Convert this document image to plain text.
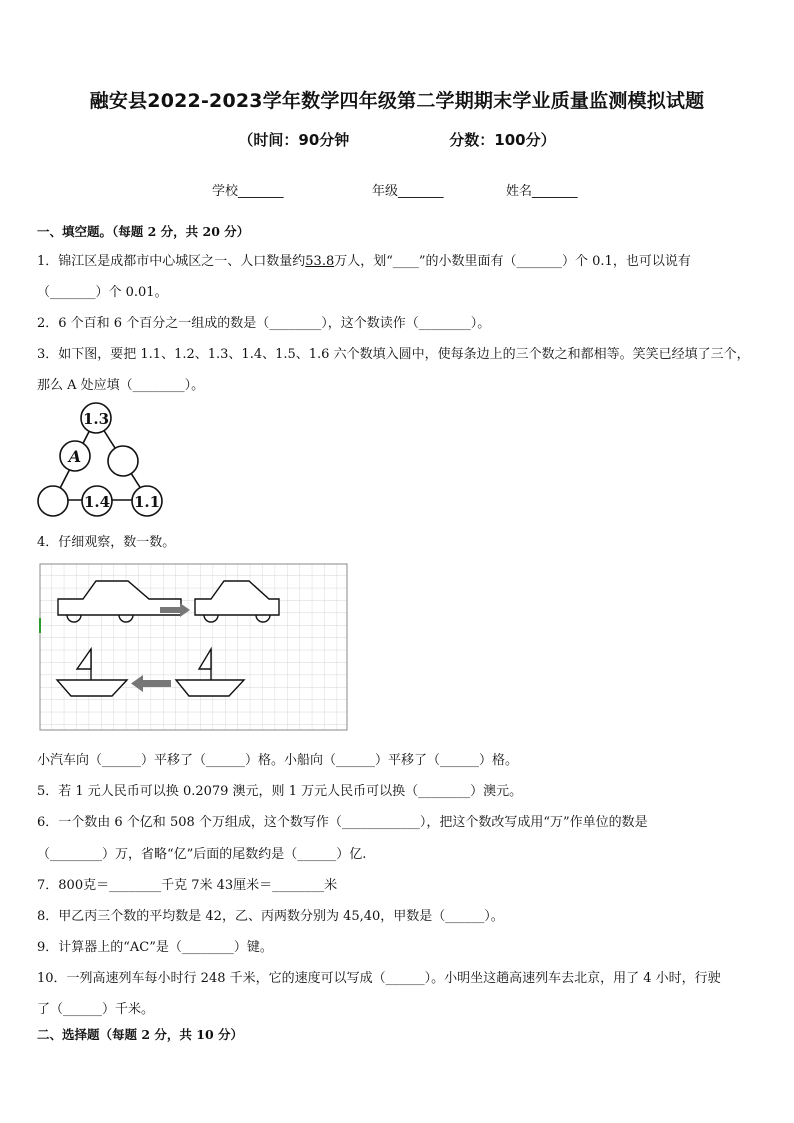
融安县2022-2023学年数学四年级第二学期期末学业质量监测模拟试题
（时间：90分钟	分数：100分）
学校_______	年级_______	姓名_______
一、填空题。（每题 2 分，共 20 分）
1．锦江区是成都市中心城区之一、人口数量约53.8万人，划“____”的小数里面有（_______）个 0.1，也可以说有
（_______）个 0.01。
2．6 个百和 6 个百分之一组成的数是（________），这个数读作（________）。
3．如下图，要把 1.1、1.2、1.3、1.4、1.5、1.6 六个数填入圆中，使每条边上的三个数之和都相等。笑笑已经填了三个，
那么 A 处应填（________）。
1.3
A
1.4 1.1
4．仔细观察，数一数。
小汽车向（______）平移了（______）格。小船向（______）平移了（______）格。
5．若 1 元人民币可以换 0.2079 澳元，则 1 万元人民币可以换（________）澳元。
6．一个数由 6 个亿和 508 个万组成，这个数写作（____________），把这个数改写成用“万”作单位的数是
（________）万，省略“亿”后面的尾数约是（______）亿.
7．800克＝________千克 7米 43厘米＝________米
8．甲乙丙三个数的平均数是 42，乙、丙两数分别为 45,40，甲数是（______）。
9．计算器上的“AC”是（________）键。
10．一列高速列车每小时行 248 千米，它的速度可以写成（______）。小明坐这趟高速列车去北京，用了 4 小时，行驶
了（______）千米。
二、选择题（每题 2 分，共 10 分）
